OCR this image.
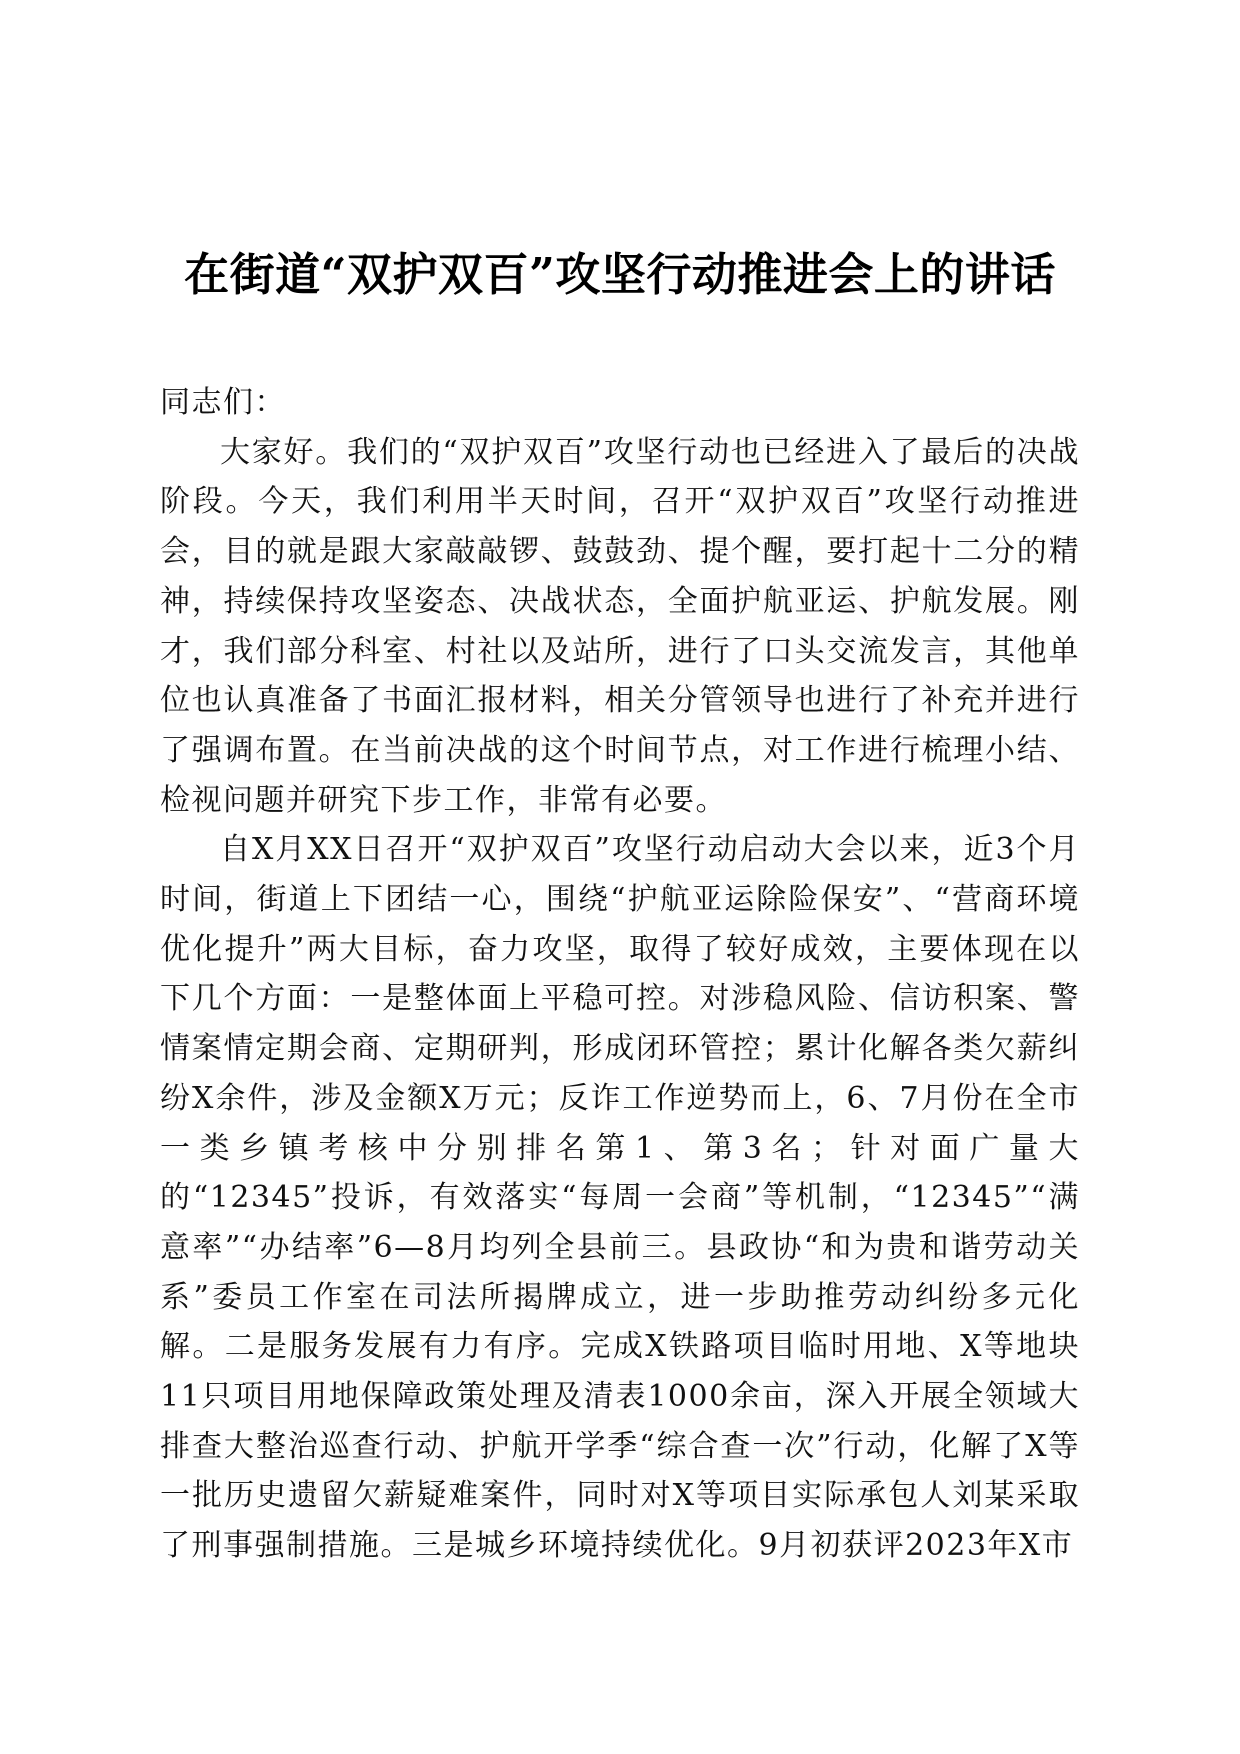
在街道“双护双百”攻坚行动推进会上的讲话

同志们：

大家好。我们的“双护双百”攻坚行动也已经进入了最后的决战阶段。今天，我们利用半天时间，召开“双护双百”攻坚行动推进会，目的就是跟大家敲敲锣、鼓鼓劲、提个醒，要打起十二分的精神，持续保持攻坚姿态、决战状态，全面护航亚运、护航发展。刚才，我们部分科室、村社以及站所，进行了口头交流发言，其他单位也认真准备了书面汇报材料，相关分管领导也进行了补充并进行了强调布置。在当前决战的这个时间节点，对工作进行梳理小结、检视问题并研究下步工作，非常有必要。

自X月XX日召开“双护双百”攻坚行动启动大会以来，近3个月时间，街道上下团结一心，围绕“护航亚运除险保安”、“营商环境优化提升”两大目标，奋力攻坚，取得了较好成效，主要体现在以下几个方面：一是整体面上平稳可控。对涉稳风险、信访积案、警情案情定期会商、定期研判，形成闭环管控；累计化解各类欠薪纠纷X余件，涉及金额X万元；反诈工作逆势而上，6、7月份在全市一类乡镇考核中分别排名第1、第3名；针对面广量大的“12345”投诉，有效落实“每周一会商”等机制，“12345”“满意率”“办结率”6—8月均列全县前三。县政协“和为贵和谐劳动关系”委员工作室在司法所揭牌成立，进一步助推劳动纠纷多元化解。二是服务发展有力有序。完成X铁路项目临时用地、X等地块11只项目用地保障政策处理及清表1000余亩，深入开展全领域大排查大整治巡查行动、护航开学季“综合查一次”行动，化解了X等一批历史遗留欠薪疑难案件，同时对X等项目实际承包人刘某采取了刑事强制措施。三是城乡环境持续优化。9月初获评2023年X市
